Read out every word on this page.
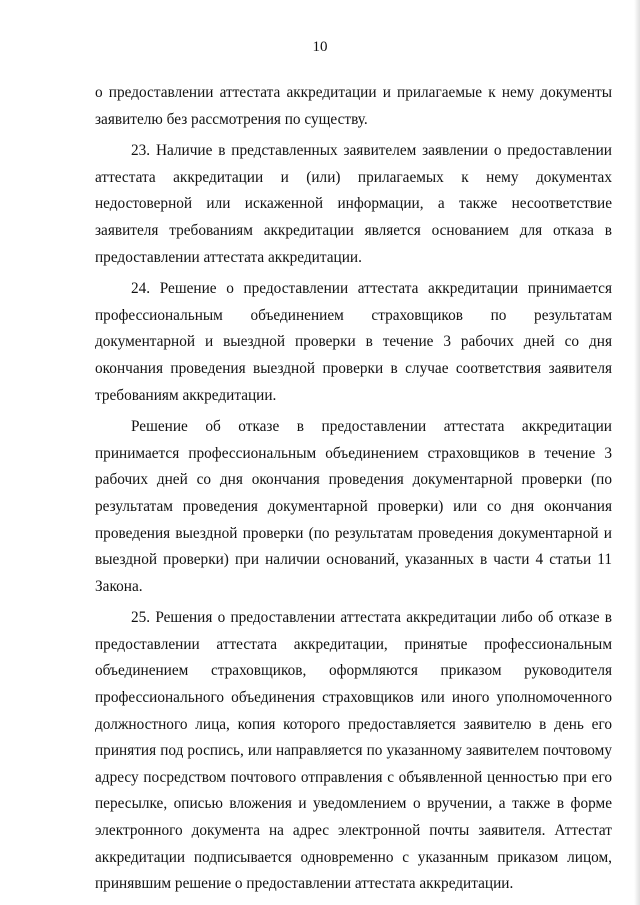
10

о предоставлении аттестата аккредитации и прилагаемые к нему документы заявителю без рассмотрения по существу.

23. Наличие в представленных заявителем заявлении о предоставлении аттестата аккредитации и (или) прилагаемых к нему документах недостоверной или искаженной информации, а также несоответствие заявителя требованиям аккредитации является основанием для отказа в предоставлении аттестата аккредитации.

24. Решение о предоставлении аттестата аккредитации принимается профессиональным объединением страховщиков по результатам документарной и выездной проверки в течение 3 рабочих дней со дня окончания проведения выездной проверки в случае соответствия заявителя требованиям аккредитации.

Решение об отказе в предоставлении аттестата аккредитации принимается профессиональным объединением страховщиков в течение 3 рабочих дней со дня окончания проведения документарной проверки (по результатам проведения документарной проверки) или со дня окончания проведения выездной проверки (по результатам проведения документарной и выездной проверки) при наличии оснований, указанных в части 4 статьи 11 Закона.

25. Решения о предоставлении аттестата аккредитации либо об отказе в предоставлении аттестата аккредитации, принятые профессиональным объединением страховщиков, оформляются приказом руководителя профессионального объединения страховщиков или иного уполномоченного должностного лица, копия которого предоставляется заявителю в день его принятия под роспись, или направляется по указанному заявителем почтовому адресу посредством почтового отправления с объявленной ценностью при его пересылке, описью вложения и уведомлением о вручении, а также в форме электронного документа на адрес электронной почты заявителя. Аттестат аккредитации подписывается одновременно с указанным приказом лицом, принявшим решение о предоставлении аттестата аккредитации.
